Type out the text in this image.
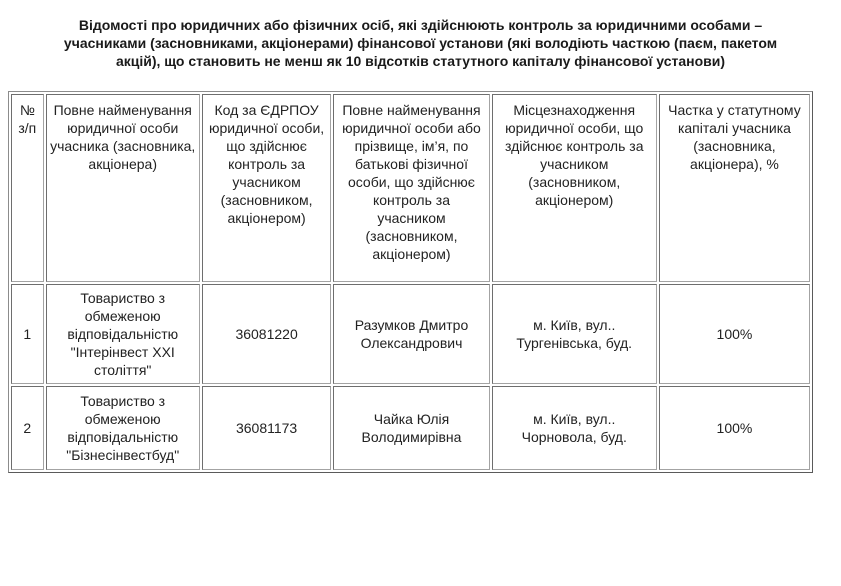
Відомості про юридичних або фізичних осіб, які здійснюють контроль за юридичними особами –
учасниками (засновниками, акціонерами) фінансової установи (які володіють часткою (паєм, пакетом
акцій), що становить не менш як 10 відсотків статутного капіталу фінансової установи)
№ з/п	Повне найменування юридичної особи учасника (засновника, акціонера)	Код за ЄДРПОУ юридичної особи, що здійснює контроль за учасником (засновником, акціонером)	Повне найменування юридичної особи або прізвище, ім’я, по батькові фізичної особи, що здійснює контроль за учасником (засновником, акціонером)	Місцезнаходження юридичної особи, що здійснює контроль за учасником (засновником, акціонером)	Частка у статутному капіталі учасника (засновника, акціонера), %
1	Товариство з обмеженою відповідальністю "Інтерінвест XXI століття"	36081220	Разумков Дмитро Олександрович	м. Київ, вул.. Тургенівська, буд.	100%
2	Товариство з обмеженою відповідальністю "Бізнесінвестбуд"	36081173	Чайка Юлія Володимирівна	м. Київ, вул.. Чорновола, буд.	100%
